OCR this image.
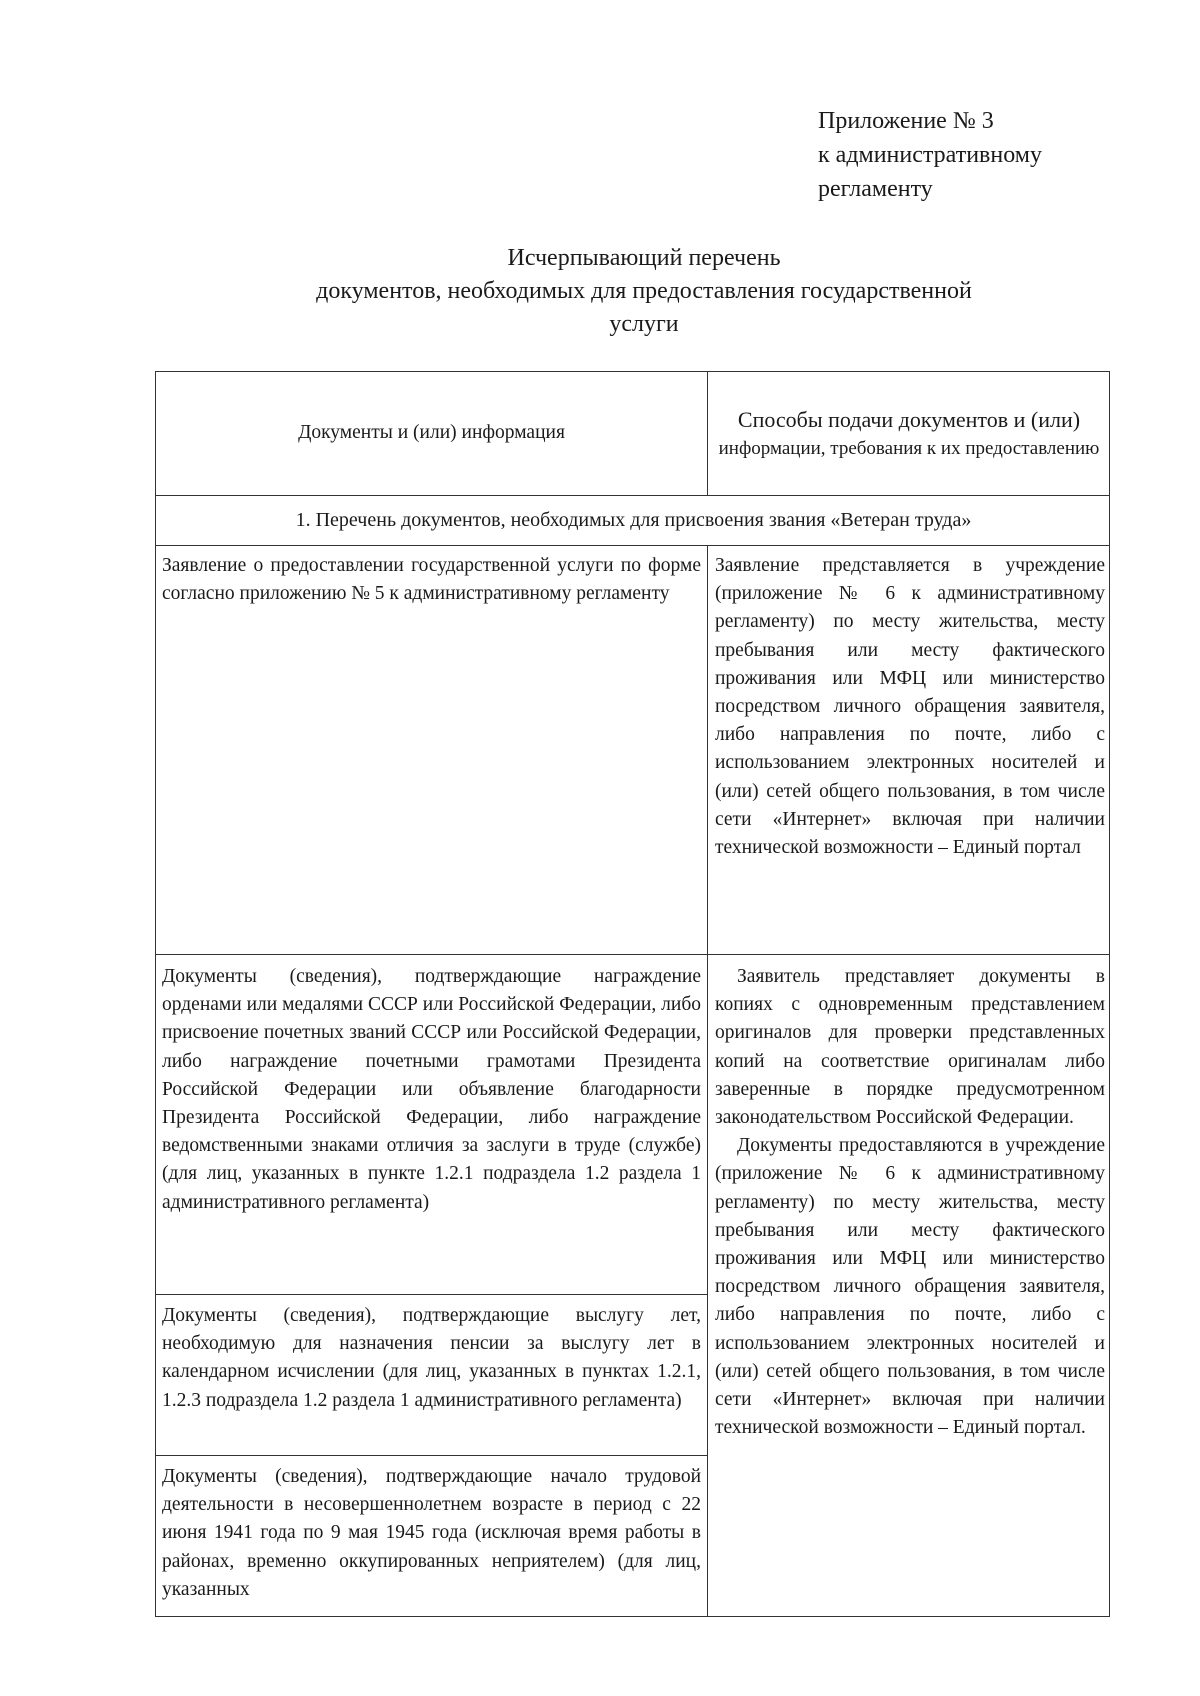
Приложение № 3
к административному
регламенту
Исчерпывающий перечень
документов, необходимых для предоставления государственной
услуги
Документы и (или) информация
Способы подачи документов и (или)
информации, требования к их предоставлению
1. Перечень документов, необходимых для присвоения звания «Ветеран труда»
Заявление о предоставлении государственной услуги по форме согласно приложению № 5 к административному регламенту
Заявление представляется в учреждение (приложение № 6 к административному регламенту) по месту жительства, месту пребывания или месту фактического проживания или МФЦ или министерство посредством личного обращения заявителя, либо направления по почте, либо с использованием электронных носителей и (или) сетей общего пользования, в том числе сети «Интернет» включая при наличии технической возможности – Единый портал
Документы (сведения), подтверждающие награждение орденами или медалями СССР или Российской Федерации, либо присвоение почетных званий СССР или Российской Федерации, либо награждение почетными грамотами Президента Российской Федерации или объявление благодарности Президента Российской Федерации, либо награждение ведомственными знаками отличия за заслуги в труде (службе) (для лиц, указанных в пункте 1.2.1 подраздела 1.2 раздела 1 административного регламента)
Документы (сведения), подтверждающие выслугу лет, необходимую для назначения пенсии за выслугу лет в календарном исчислении (для лиц, указанных в пунктах 1.2.1, 1.2.3 подраздела 1.2 раздела 1 административного регламента)
Документы (сведения), подтверждающие начало трудовой деятельности в несовершеннолетнем возрасте в период с 22 июня 1941 года по 9 мая 1945 года (исключая время работы в районах, временно оккупированных неприятелем) (для лиц, указанных
Заявитель представляет документы в копиях с одновременным представлением оригиналов для проверки представленных копий на соответствие оригиналам либо заверенные в порядке предусмотренном законодательством Российской Федерации.
Документы предоставляются в учреждение (приложение № 6 к административному регламенту) по месту жительства, месту пребывания или месту фактического проживания или МФЦ или министерство посредством личного обращения заявителя, либо направления по почте, либо с использованием электронных носителей и (или) сетей общего пользования, в том числе сети «Интернет» включая при наличии технической возможности – Единый портал.
